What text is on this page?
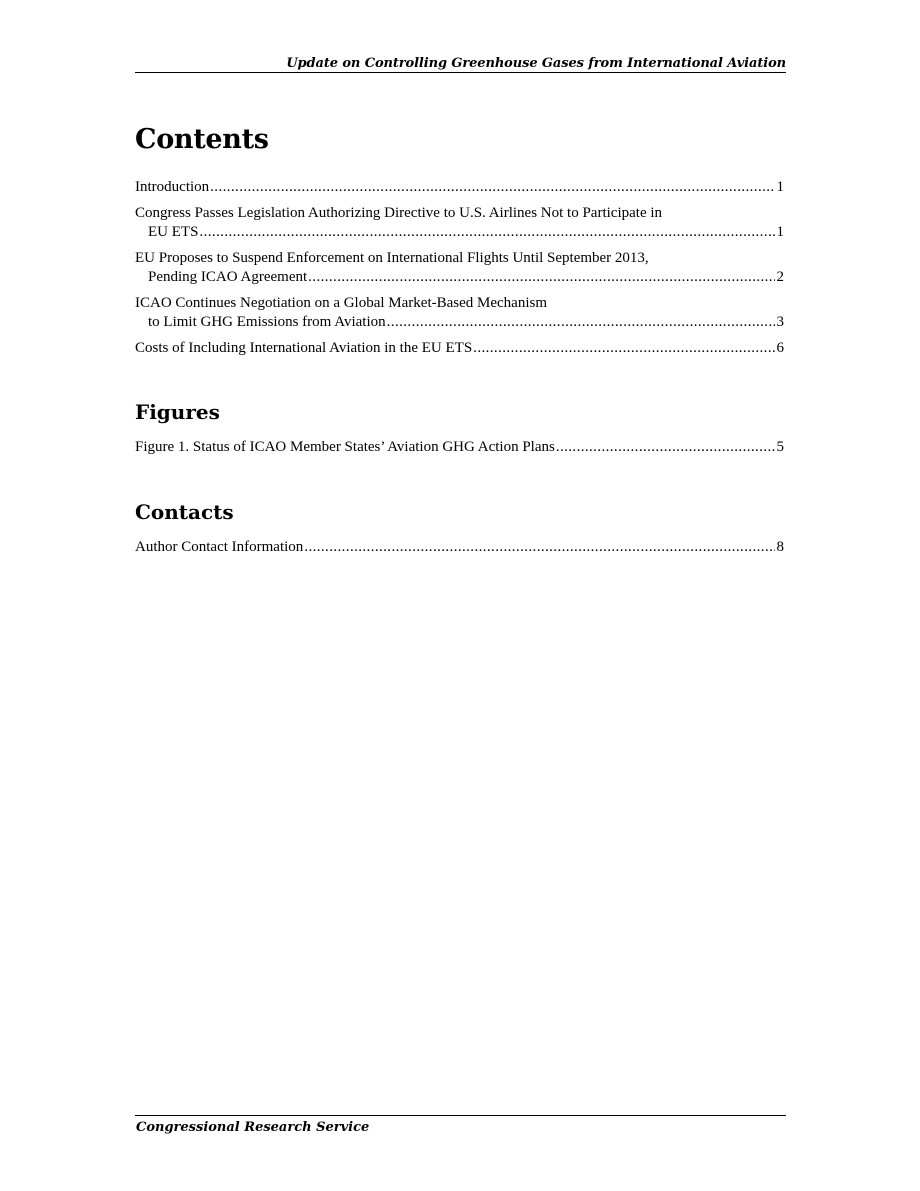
Update on Controlling Greenhouse Gases from International Aviation
Contents
Introduction .....	1
Congress Passes Legislation Authorizing Directive to U.S. Airlines Not to Participate in
EU ETS .....	1
EU Proposes to Suspend Enforcement on International Flights Until September 2013,
Pending ICAO Agreement .....	2
ICAO Continues Negotiation on a Global Market-Based Mechanism
to Limit GHG Emissions from Aviation .....	3
Costs of Including International Aviation in the EU ETS .....	6
Figures
Figure 1. Status of ICAO Member States’ Aviation GHG Action Plans .....	5
Contacts
Author Contact Information .....	8
Congressional Research Service
